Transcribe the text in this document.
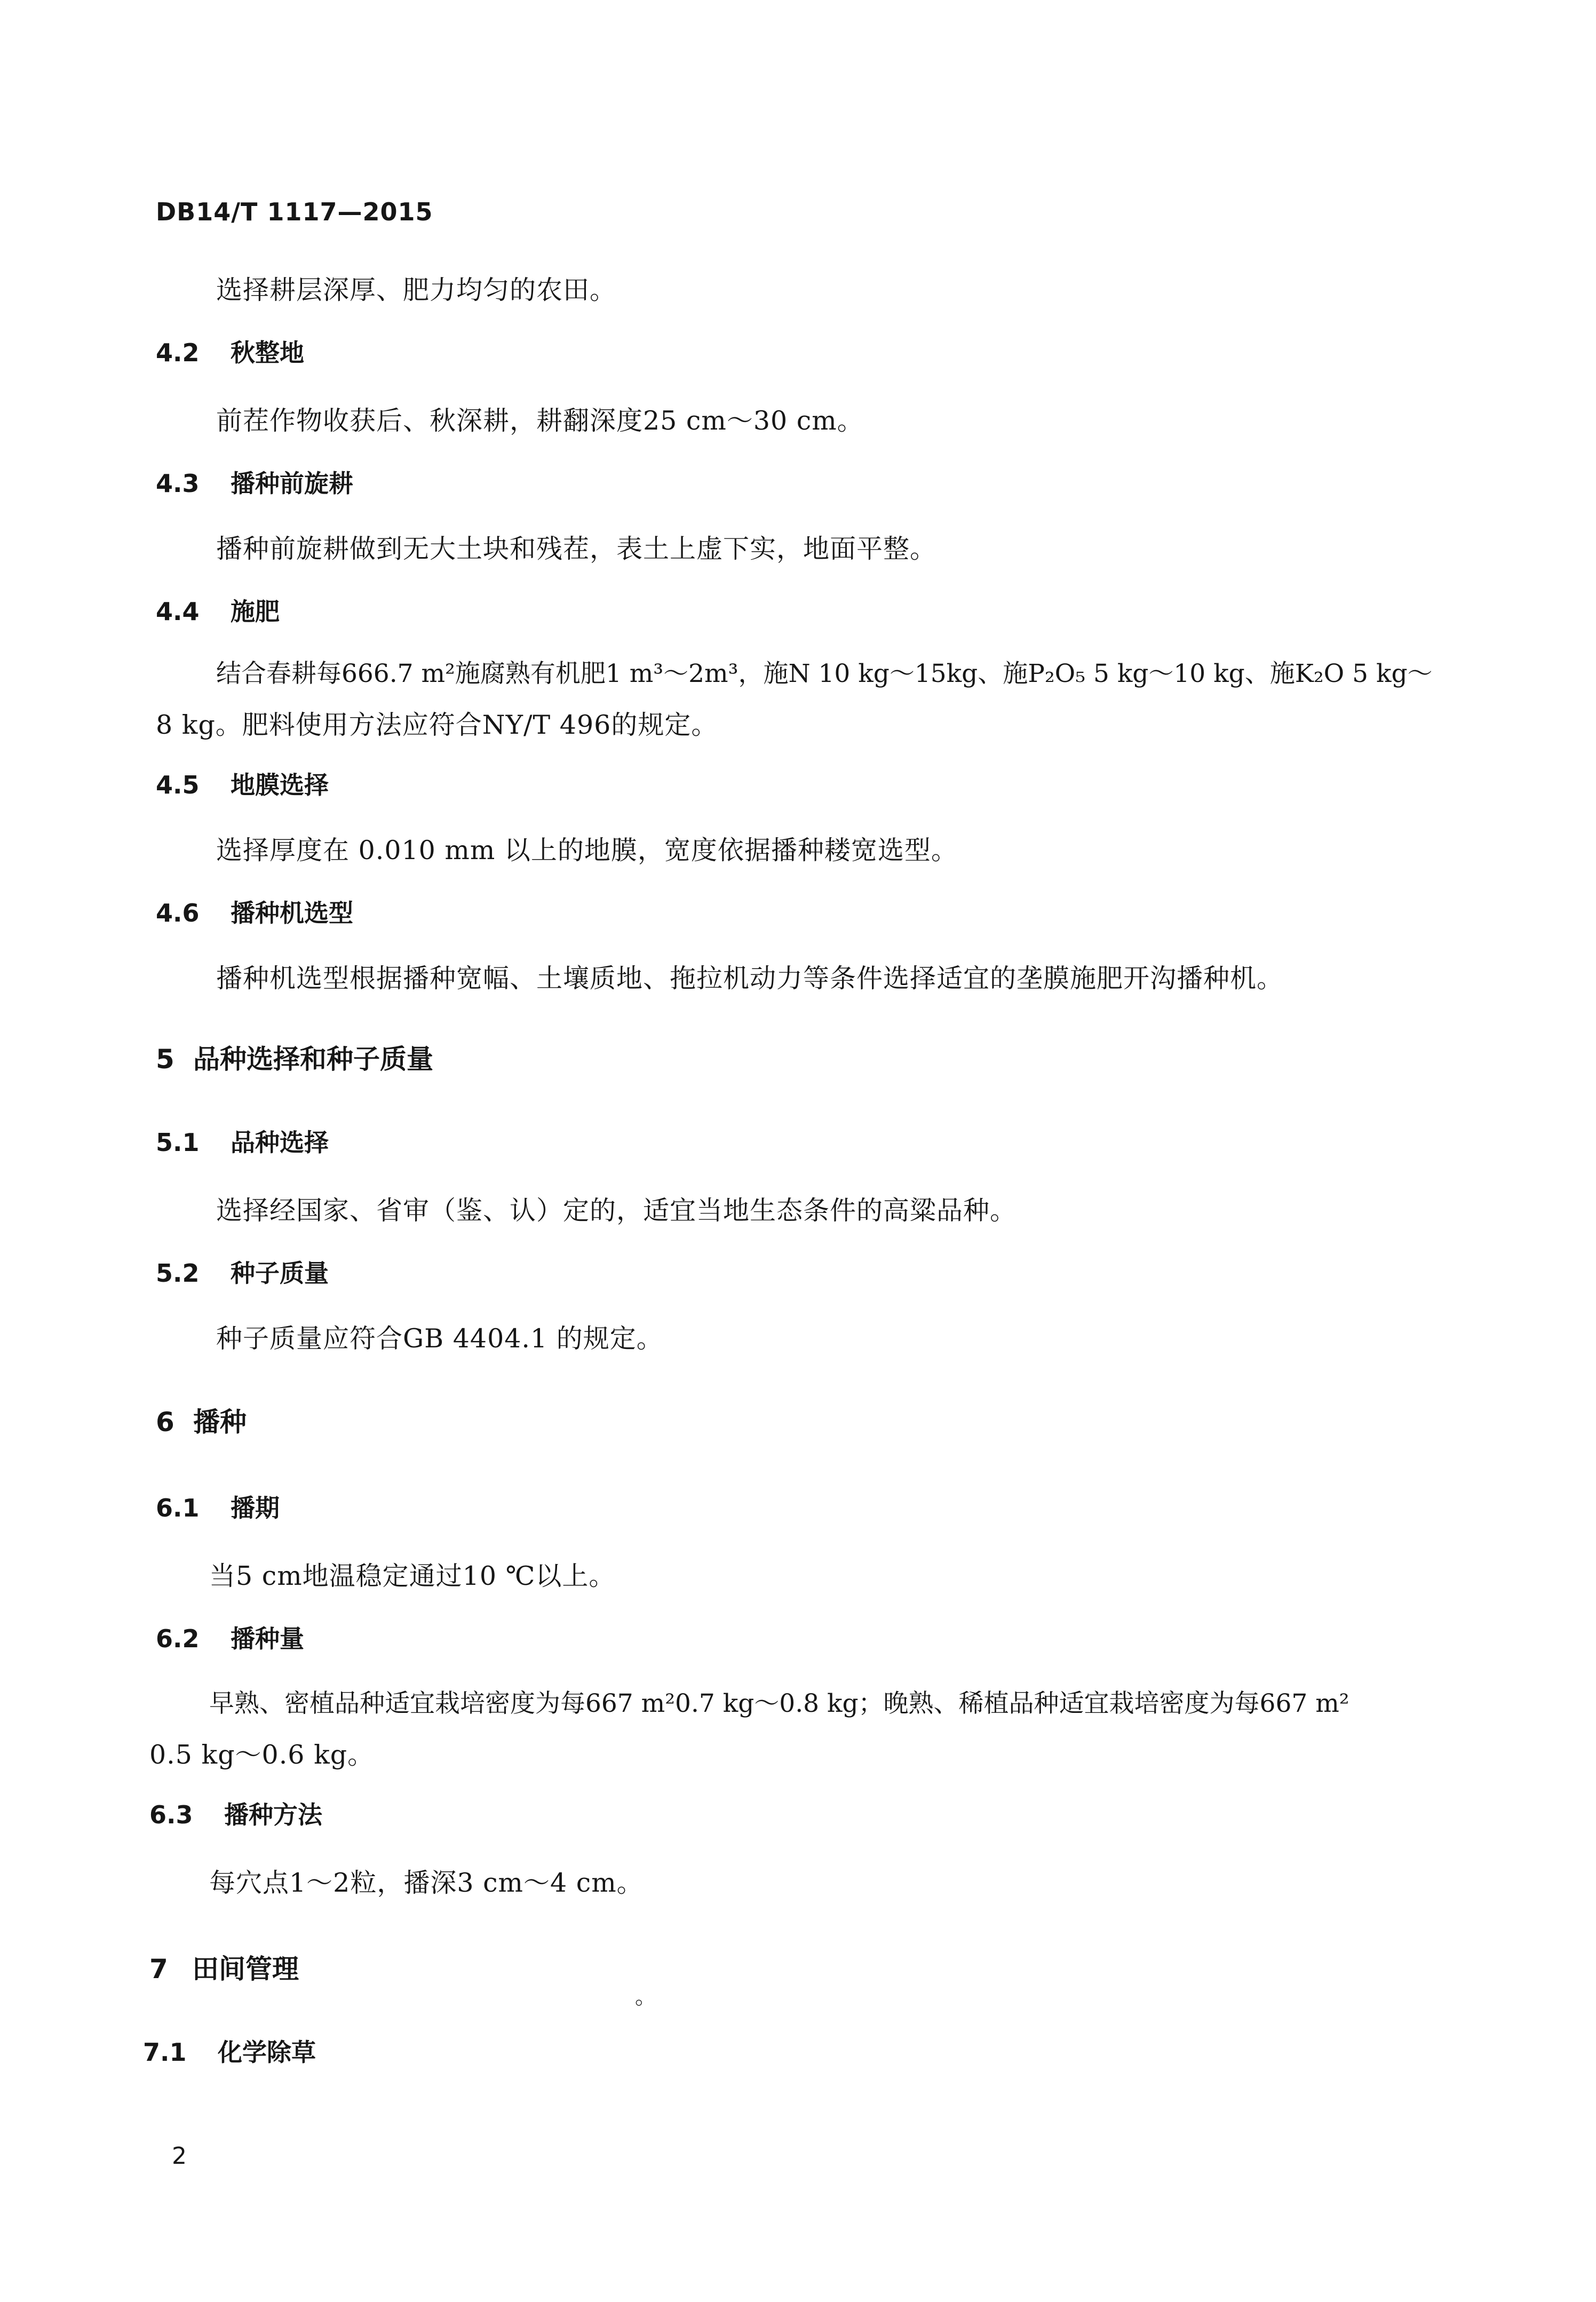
DB14/T 1117—2015
选择耕层深厚、肥力均匀的农田。
4.2 秋整地
前茬作物收获后、秋深耕，耕翻深度25 cm～30 cm。
4.3 播种前旋耕
播种前旋耕做到无大土块和残茬，表土上虚下实，地面平整。
4.4 施肥
结合春耕每666.7 m²施腐熟有机肥1 m³～2m³，施N 10 kg～15kg、施P₂O₅ 5 kg～10 kg、施K₂O 5 kg～
8 kg。肥料使用方法应符合NY/T 496的规定。
4.5 地膜选择
选择厚度在 0.010 mm 以上的地膜，宽度依据播种耧宽选型。
4.6 播种机选型
播种机选型根据播种宽幅、土壤质地、拖拉机动力等条件选择适宜的垄膜施肥开沟播种机。
5 品种选择和种子质量
5.1 品种选择
选择经国家、省审（鉴、认）定的，适宜当地生态条件的高粱品种。
5.2 种子质量
种子质量应符合GB 4404.1 的规定。
6 播种
6.1 播期
当5 cm地温稳定通过10 ℃以上。
6.2 播种量
早熟、密植品种适宜栽培密度为每667 m²0.7 kg～0.8 kg；晚熟、稀植品种适宜栽培密度为每667 m²
0.5 kg～0.6 kg。
6.3 播种方法
每穴点1～2粒，播深3 cm～4 cm。
7 田间管理
。
7.1 化学除草
2
